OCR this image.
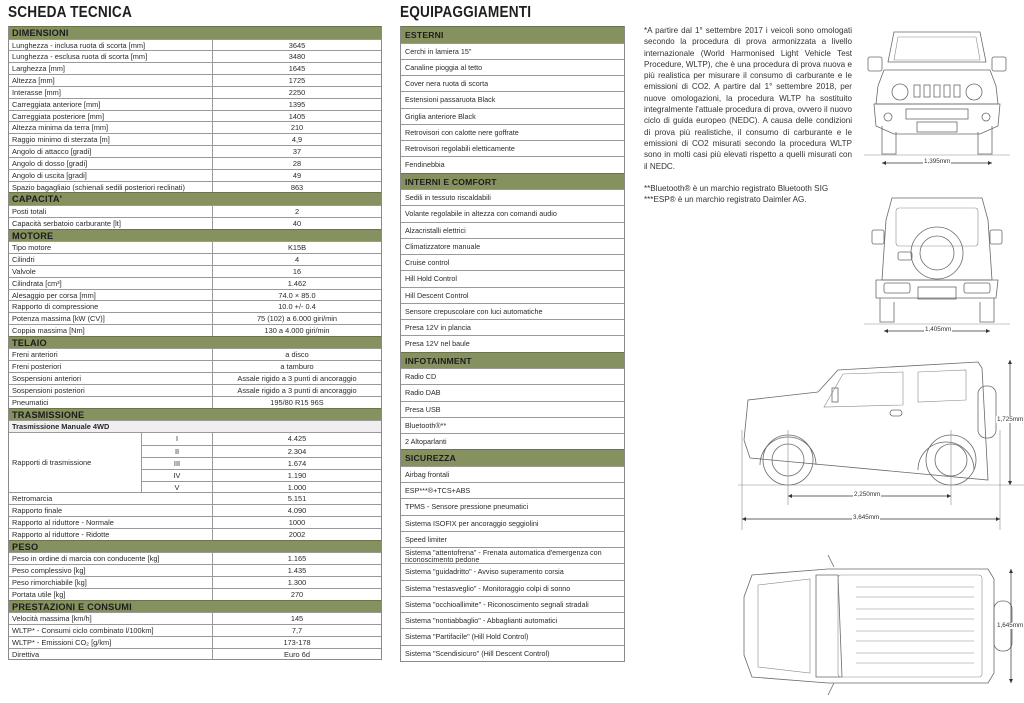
SCHEDA TECNICA	EQUIPAGGIAMENTI
DIMENSIONI
Lunghezza - inclusa ruota di scorta [mm]	3645
Lunghezza - esclusa ruota di scorta [mm]	3480
Larghezza [mm]	1645
Altezza [mm]	1725
Interasse [mm]	2250
Carreggiata anteriore [mm]	1395
Carreggiata posteriore [mm]	1405
Altezza minima da terra [mm]	210
Raggio minimo di sterzata [m]	4,9
Angolo di attacco [gradi]	37
Angolo di dosso [gradi]	28
Angolo di uscita [gradi]	49
Spazio bagagliaio (schienali sedili posteriori reclinati)	863
CAPACITA'
Posti totali	2
Capacità serbatoio carburante [lt]	40
MOTORE
Tipo motore	K15B
Cilindri	4
Valvole	16
Cilindrata [cm³]	1.462
Alesaggio per corsa [mm]	74.0 × 85.0
Rapporto di compressione	10.0 +/- 0.4
Potenza massima [kW (CV)]	75 (102) a 6.000 giri/min
Coppia massima [Nm]	130 a 4.000 giri/min
TELAIO
Freni anteriori	a disco
Freni posteriori	a tamburo
Sospensioni anteriori	Assale rigido a 3 punti di ancoraggio
Sospensioni posteriori	Assale rigido a 3 punti di ancoraggio
Pneumatici	195/80 R15 96S
TRASMISSIONE
Trasmissione Manuale 4WD
Rapporti di trasmissione
I	4.425
II	2.304
III	1.674
IV	1.190
V	1.000
Retromarcia	5.151
Rapporto finale	4.090
Rapporto al riduttore - Normale	1000
Rapporto al riduttore - Ridotte	2002
PESO
Peso in ordine di marcia con conducente [kg]	1.165
Peso complessivo [kg]	1.435
Peso rimorchiabile [kg]	1.300
Portata utile [kg]	270
PRESTAZIONI E CONSUMI
Velocità massima [km/h]	145
WLTP* - Consumi ciclo combinato l/100km]	7,7
WLTP* - Emissioni CO₂ [g/km]	173-178
Direttiva	Euro 6d
ESTERNI
Cerchi in lamiera 15"
Canaline pioggia al tetto
Cover nera ruota di scorta
Estensioni passaruota Black
Griglia anteriore Black
Retrovisori con calotte nere goffrate
Retrovisori regolabili eletticamente
Fendinebbia
INTERNI E COMFORT
Sedili in tessuto riscaldabili
Volante regolabile in altezza con comandi audio
Alzacristalli elettrici
Climatizzatore manuale
Cruise control
Hill Hold Control
Hill Descent Control
Sensore crepuscolare con luci automatiche
Presa 12V in plancia
Presa 12V nel baule
INFOTAINMENT
Radio CD
Radio DAB
Presa USB
Bluetooth®**
2 Altoparlanti
SICUREZZA
Airbag frontali
ESP***®+TCS+ABS
TPMS - Sensore pressione pneumatici
Sistema ISOFIX per ancoraggio seggiolini
Speed limiter
Sistema "attentofrena" - Frenata automatica d'emergenza con riconoscimento pedone
Sistema "guidadritto" - Avviso superamento corsia
Sistema "restasveglio" - Monitoraggio colpi di sonno
Sistema "occhioallimite" - Riconoscimento segnali stradali
Sistema "nontiabbaglio" - Abbaglianti automatici
Sistema "Partifacile" (Hill Hold Control)
Sistema "Scendisicuro" (Hill Descent Control)

*A partire dal 1° settembre 2017 i veicoli sono omologati secondo la procedura di prova armonizzata a livello internazionale (World Harmonised Light Vehicle Test Procedure, WLTP), che è una procedura di prova nuova e più realistica per misurare il consumo di carburante e le emissioni di CO2. A partire dal 1° settembre 2018, per nuove omologazioni, la procedura WLTP ha sostituito integralmente l'attuale procedura di prova, ovvero il nuovo ciclo di guida europeo (NEDC). A causa delle condizioni di prova più realistiche, il consumo di carburante e le emissioni di CO2 misurati secondo la procedura WLTP sono in molti casi più elevati rispetto a quelli misurati con il NEDC.

**Bluetooth® è un marchio registrato Bluetooth SIG
***ESP® è un marchio registrato Daimler AG.

1,395mm
1,405mm
2,250mm
3,645mm
1,725mm
1,645mm
